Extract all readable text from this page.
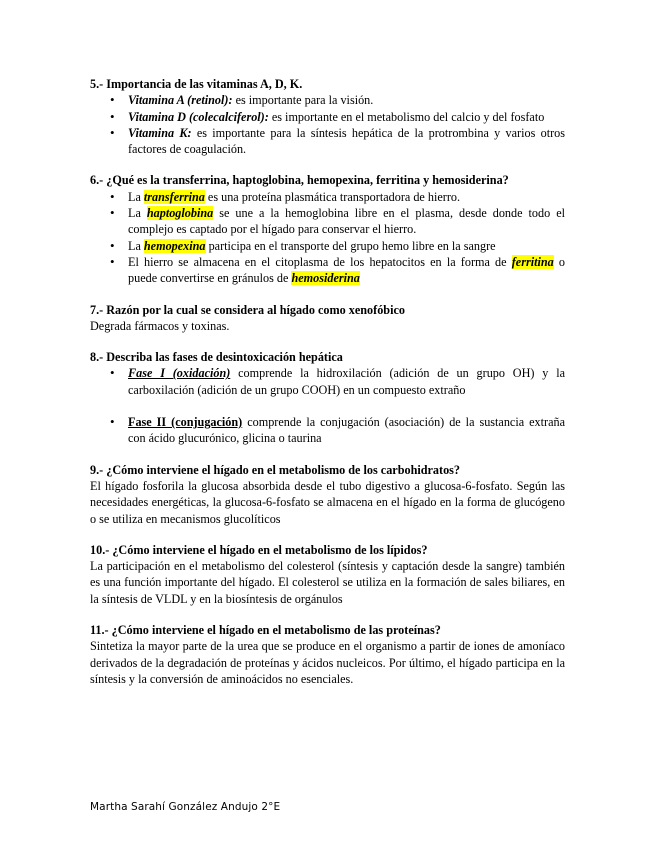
5.- Importancia de las vitaminas A, D, K.
• Vitamina A (retinol): es importante para la visión.
• Vitamina D (colecalciferol): es importante en el metabolismo del calcio y del fosfato
• Vitamina K: es importante para la síntesis hepática de la protrombina y varios otros factores de coagulación.
6.- ¿Qué es la transferrina, haptoglobina, hemopexina, ferritina y hemosiderina?
• La transferrina es una proteína plasmática transportadora de hierro.
• La haptoglobina se une a la hemoglobina libre en el plasma, desde donde todo el complejo es captado por el hígado para conservar el hierro.
• La hemopexina participa en el transporte del grupo hemo libre en la sangre
• El hierro se almacena en el citoplasma de los hepatocitos en la forma de ferritina o puede convertirse en gránulos de hemosiderina
7.- Razón por la cual se considera al hígado como xenofóbico

Degrada fármacos y toxinas.

8.- Describa las fases de desintoxicación hepática
• Fase I (oxidación) comprende la hidroxilación (adición de un grupo OH) y la carboxilación (adición de un grupo COOH) en un compuesto extraño
• Fase II (conjugación) comprende la conjugación (asociación) de la sustancia extraña con ácido glucurónico, glicina o taurina
9.- ¿Cómo interviene el hígado en el metabolismo de los carbohidratos?

El hígado fosforila la glucosa absorbida desde el tubo digestivo a glucosa-6-fosfato. Según las necesidades energéticas, la glucosa-6-fosfato se almacena en el hígado en la forma de glucógeno o se utiliza en mecanismos glucolíticos

10.- ¿Cómo interviene el hígado en el metabolismo de los lípidos?

La participación en el metabolismo del colesterol (síntesis y captación desde la sangre) también es una función importante del hígado. El colesterol se utiliza en la formación de sales biliares, en la síntesis de VLDL y en la biosíntesis de orgánulos

11.- ¿Cómo interviene el hígado en el metabolismo de las proteínas?

Sintetiza la mayor parte de la urea que se produce en el organismo a partir de iones de amoníaco derivados de la degradación de proteínas y ácidos nucleicos. Por último, el hígado participa en la síntesis y la conversión de aminoácidos no esenciales.

Martha Sarahí González Andujo 2°E
